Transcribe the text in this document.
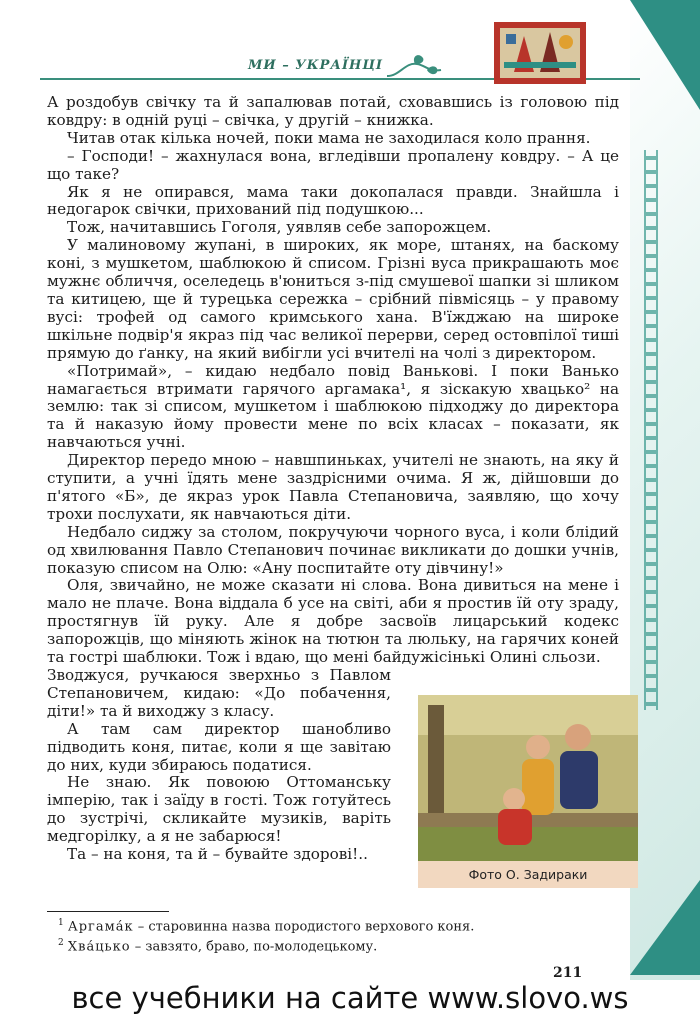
МИ – УКРАЇНЦІ

А роздобув свічку та й запалював потай, сховавшись із головою під ковдру: в одній руці – свічка, у другій – книжка.

Читав отак кілька ночей, поки мама не заходилася коло прання.

– Господи! – жахнулася вона, вгледівши пропалену ковдру. – А це що таке?

Як я не опирався, мама таки докопалася правди. Знайшла і недогарок свічки, прихований під подушкою...

Тож, начитавшись Гоголя, уявляв себе запорожцем.

У малиновому жупані, в широких, як море, штанях, на баскому коні, з мушкетом, шаблюкою й списом. Грізні вуса прикрашають моє мужнє обличчя, оселедець в'юниться з-під смушевої шапки зі шликом та китицею, ще й турецька сережка – срібний півмісяць – у правому вусі: трофей од самого кримського хана. В'їжджаю на широке шкільне подвір'я якраз під час великої перерви, серед остовпілої тиші прямую до ґанку, на який вибігли усі вчителі на чолі з директором.

«Потримай», – кидаю недбало повід Ванькові. І поки Ванько намагається втримати гарячого аргамака¹, я зіскакую хвацько² на землю: так зі списом, мушкетом і шаблюкою підходжу до директора та й наказую йому провести мене по всіх класах – показати, як навчаються учні.

Директор передо мною – навшпиньках, учителі не знають, на яку й ступити, а учні їдять мене заздрісними очима. Я ж, дійшовши до п'ятого «Б», де якраз урок Павла Степановича, заявляю, що хочу трохи послухати, як навчаються діти.

Недбало сиджу за столом, покручуючи чорного вуса, і коли блідий од хвилювання Павло Степанович починає викликати до дошки учнів, показую списом на Олю: «Ану поспитайте оту дівчину!»

Оля, звичайно, не може сказати ні слова. Вона дивиться на мене і мало не плаче. Вона віддала б усе на світі, аби я простив їй оту зраду, простягнув їй руку. Але я добре засвоїв лицарський кодекс запорожців, що міняють жінок на тютюн та люльку, на гарячих коней та гострі шаблюки. Тож і вдаю, що мені байдужісінькі Олині сльози.

Зводжуся, ручкаюся зверхньо з Павлом Степановичем, кидаю: «До побачення, діти!» та й виходжу з класу.

А там сам директор шанобливо підводить коня, питає, коли я ще завітаю до них, куди збираюсь податися.

Не знаю. Як повоюю Оттоманську імперію, так і заїду в гості. Тож готуйтесь до зустрічі, скликайте музиків, варіть медгорілку, а я не забарюся!

Та – на коня, та й – бувайте здорові!..

Фото О. Задираки
$^1$ Аргама́к – старовинна назва породистого верхового коня.
$^2$ Хва́цько – завзято, браво, по-молодецькому.
211
все учебники на сайте www.slovo.ws
